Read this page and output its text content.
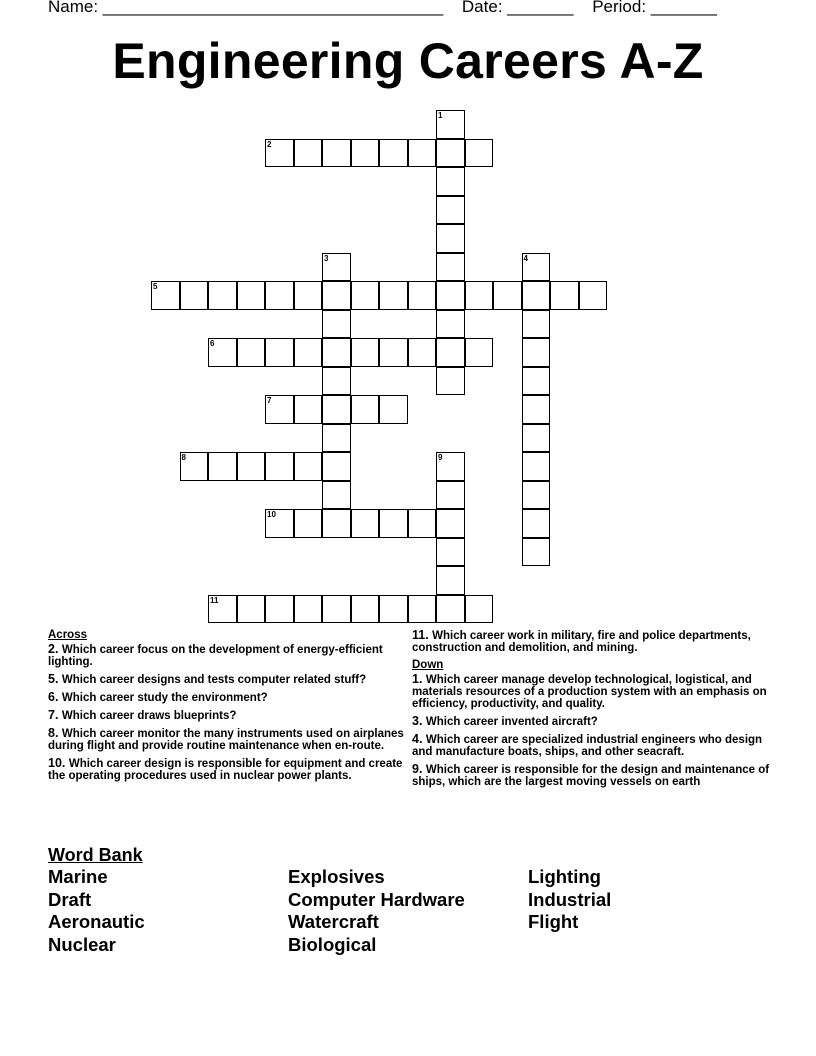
Name: ____________________________________ Date: _______ Period: _______
Engineering Careers A-Z
1
2
3	4
5
6
7
8	9
10
11
Across
2. Which career focus on the development of energy-efficient lighting.
5. Which career designs and tests computer related stuff?
6. Which career study the environment?
7. Which career draws blueprints?
8. Which career monitor the many instruments used on airplanes during flight and provide routine maintenance when en-route.
10. Which career design is responsible for equipment and create the operating procedures used in nuclear power plants.
11. Which career work in military, fire and police departments, construction and demolition, and mining.
Down
1. Which career manage develop technological, logistical, and materials resources of a production system with an emphasis on efficiency, productivity, and quality.
3. Which career invented aircraft?
4. Which career are specialized industrial engineers who design and manufacture boats, ships, and other seacraft.
9. Which career is responsible for the design and maintenance of ships, which are the largest moving vessels on earth
Word Bank
Marine
Draft
Aeronautic
Nuclear
Explosives
Computer Hardware
Watercraft
Biological
Lighting
Industrial
Flight
